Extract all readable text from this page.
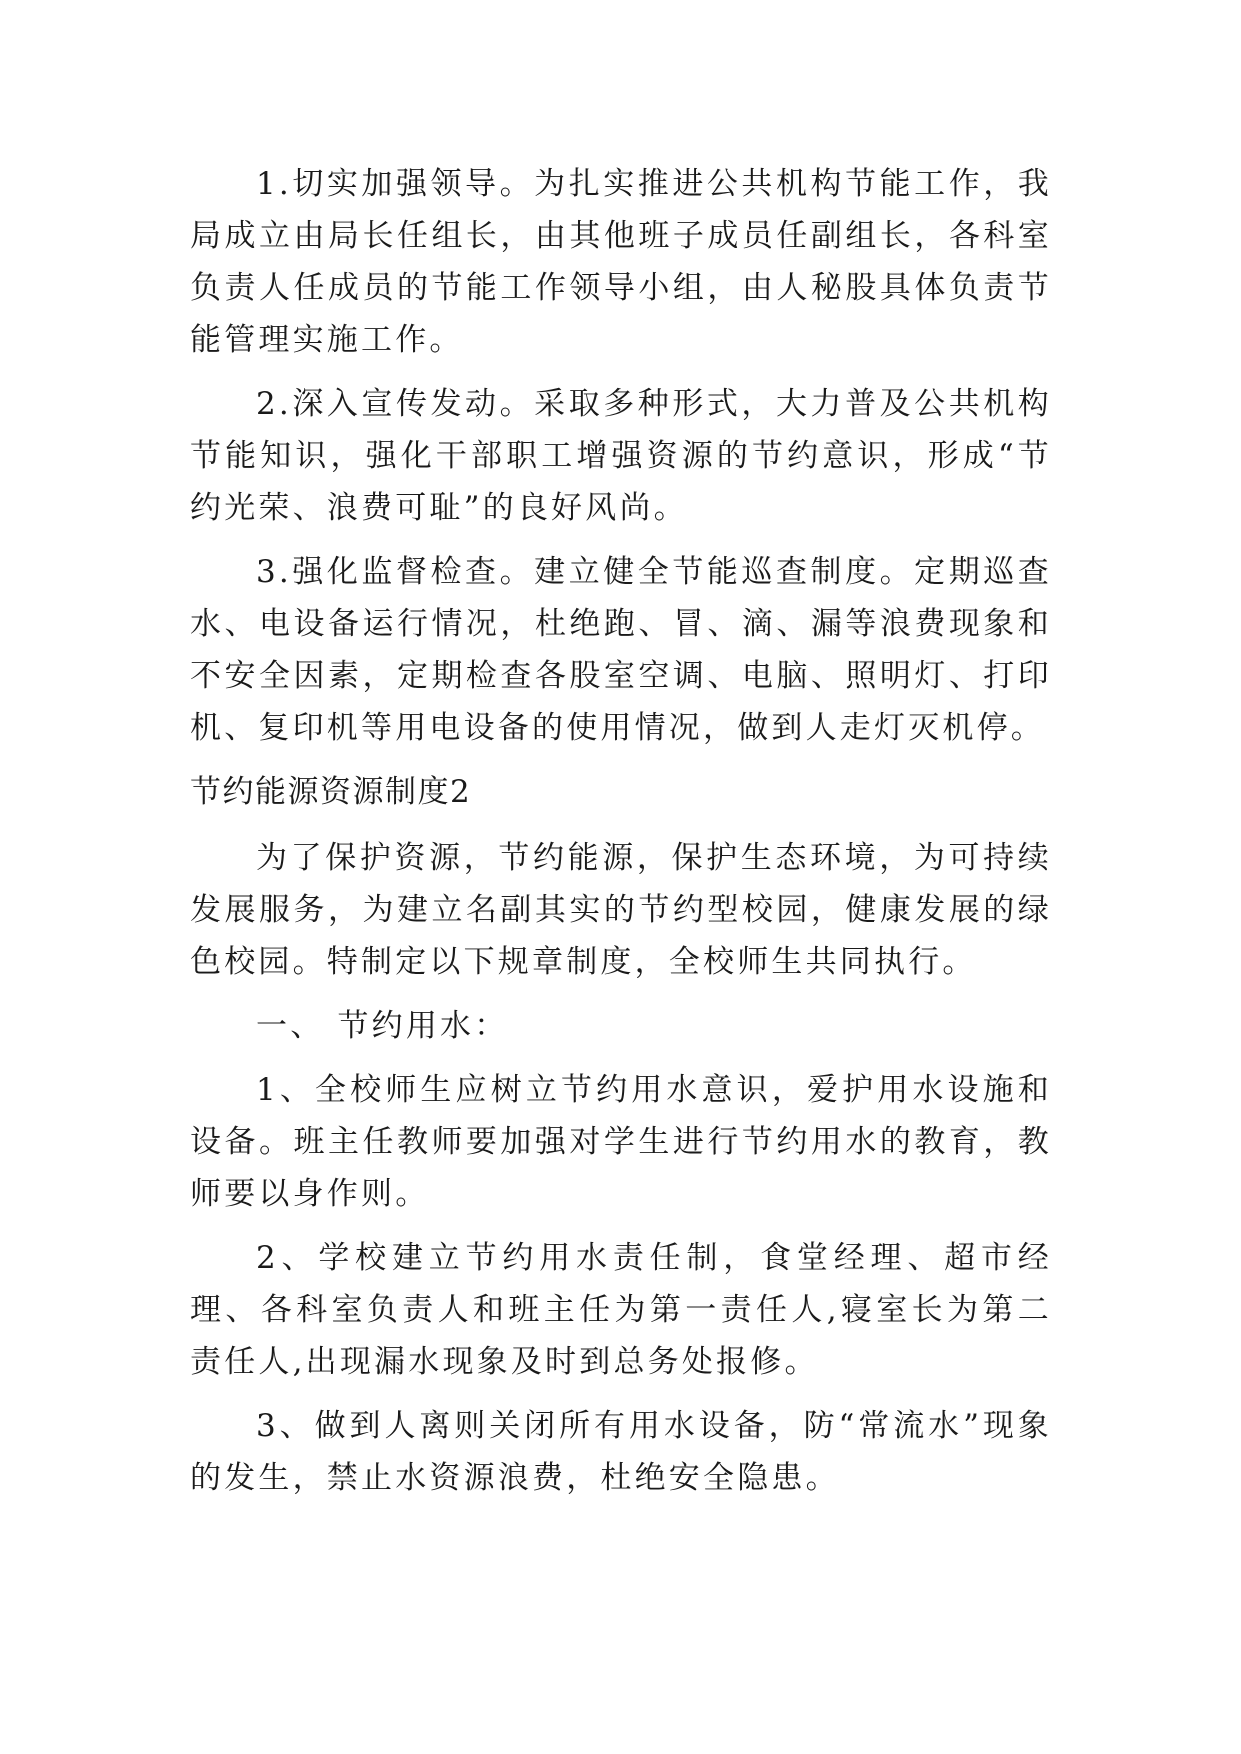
1.切实加强领导。为扎实推进公共机构节能工作，我局成立由局长任组长，由其他班子成员任副组长，各科室负责人任成员的节能工作领导小组，由人秘股具体负责节能管理实施工作。

2.深入宣传发动。采取多种形式，大力普及公共机构节能知识，强化干部职工增强资源的节约意识，形成“节约光荣、浪费可耻”的良好风尚。

3.强化监督检查。建立健全节能巡查制度。定期巡查水、电设备运行情况，杜绝跑、冒、滴、漏等浪费现象和不安全因素，定期检查各股室空调、电脑、照明灯、打印机、复印机等用电设备的使用情况，做到人走灯灭机停。

节约能源资源制度2

为了保护资源，节约能源，保护生态环境，为可持续发展服务，为建立名副其实的节约型校园，健康发展的绿色校园。特制定以下规章制度，全校师生共同执行。

一、 节约用水：

1、全校师生应树立节约用水意识，爱护用水设施和设备。班主任教师要加强对学生进行节约用水的教育，教师要以身作则。

2、学校建立节约用水责任制，食堂经理、超市经理、各科室负责人和班主任为第一责任人,寝室长为第二责任人,出现漏水现象及时到总务处报修。

3、做到人离则关闭所有用水设备，防“常流水”现象的发生，禁止水资源浪费，杜绝安全隐患。
